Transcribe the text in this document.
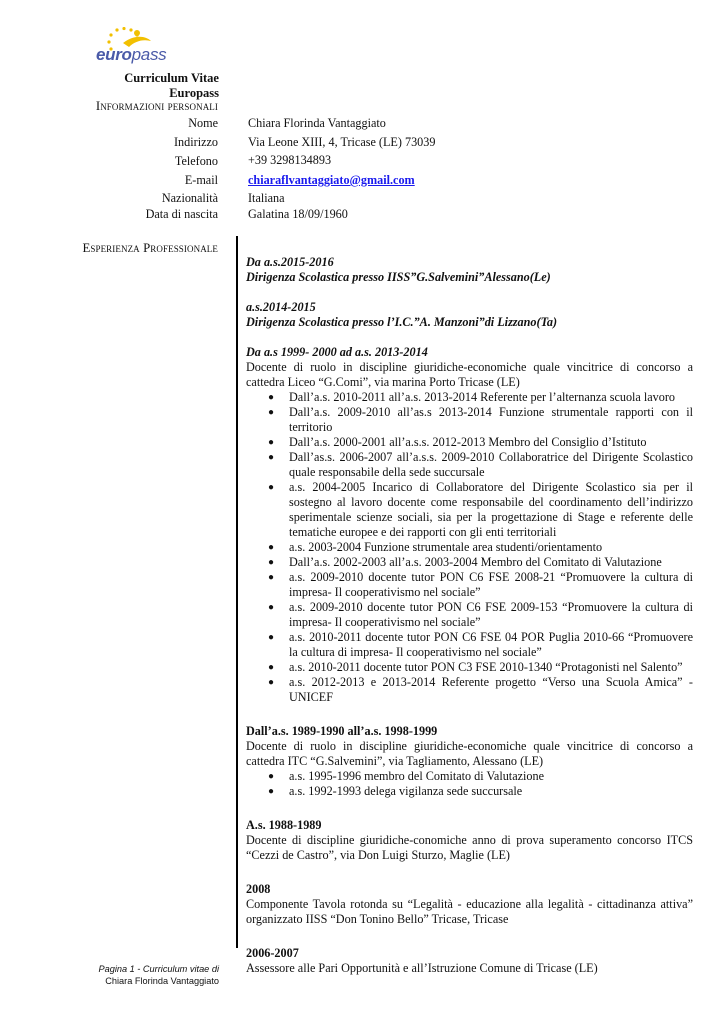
europass
Curriculum Vitae Europass
Informazioni personali
Nome Chiara Florinda Vantaggiato
Indirizzo Via Leone XIII, 4, Tricase (LE) 73039
Telefono +39 3298134893
E-mail chiaraflvantaggiato@gmail.com
Nazionalità Italiana
Data di nascita Galatina 18/09/1960
Esperienza Professionale
Da a.s.2015-2016
Dirigenza Scolastica presso IISS”G.Salvemini”Alessano(Le)
a.s.2014-2015
Dirigenza Scolastica presso l’I.C.”A. Manzoni”di Lizzano(Ta)
Da a.s 1999- 2000 ad a.s. 2013-2014
Docente di ruolo in discipline giuridiche-economiche quale vincitrice di concorso a cattedra Liceo “G.Comi”, via marina Porto Tricase (LE)
● Dall’a.s. 2010-2011 all’a.s. 2013-2014 Referente per l’alternanza scuola lavoro
● Dall’a.s. 2009-2010 all’as.s 2013-2014 Funzione strumentale rapporti con il territorio
● Dall’a.s. 2000-2001 all’a.s.s. 2012-2013 Membro del Consiglio d’Istituto
● Dall’as.s. 2006-2007 all’a.s.s. 2009-2010 Collaboratrice del Dirigente Scolastico quale responsabile della sede succursale
● a.s. 2004-2005 Incarico di Collaboratore del Dirigente Scolastico sia per il sostegno al lavoro docente come responsabile del coordinamento dell’indirizzo sperimentale scienze sociali, sia per la progettazione di Stage e referente delle tematiche europee e dei rapporti con gli enti territoriali
● a.s. 2003-2004 Funzione strumentale area studenti/orientamento
● Dall’a.s. 2002-2003 all’a.s. 2003-2004 Membro del Comitato di Valutazione
● a.s. 2009-2010 docente tutor PON C6 FSE 2008-21 “Promuovere la cultura di impresa- Il cooperativismo nel sociale”
● a.s. 2009-2010 docente tutor PON C6 FSE 2009-153 “Promuovere la cultura di impresa- Il cooperativismo nel sociale”
● a.s. 2010-2011 docente tutor PON C6 FSE 04 POR Puglia 2010-66 “Promuovere la cultura di impresa- Il cooperativismo nel sociale”
● a.s. 2010-2011 docente tutor PON C3 FSE 2010-1340 “Protagonisti nel Salento”
● a.s. 2012-2013 e 2013-2014 Referente progetto “Verso una Scuola Amica” - UNICEF
Dall’a.s. 1989-1990 all’a.s. 1998-1999
Docente di ruolo in discipline giuridiche-economiche quale vincitrice di concorso a cattedra ITC “G.Salvemini”, via Tagliamento, Alessano (LE)
● a.s. 1995-1996 membro del Comitato di Valutazione
● a.s. 1992-1993 delega vigilanza sede succursale
A.s. 1988-1989
Docente di discipline giuridiche-conomiche anno di prova superamento concorso ITCS “Cezzi de Castro”, via Don Luigi Sturzo, Maglie (LE)
2008
Componente Tavola rotonda su “Legalità - educazione alla legalità - cittadinanza attiva” organizzato IISS “Don Tonino Bello” Tricase, Tricase
2006-2007
Assessore alle Pari Opportunità e all’Istruzione Comune di Tricase (LE)
Pagina 1 - Curriculum vitae di
Chiara Florinda Vantaggiato
